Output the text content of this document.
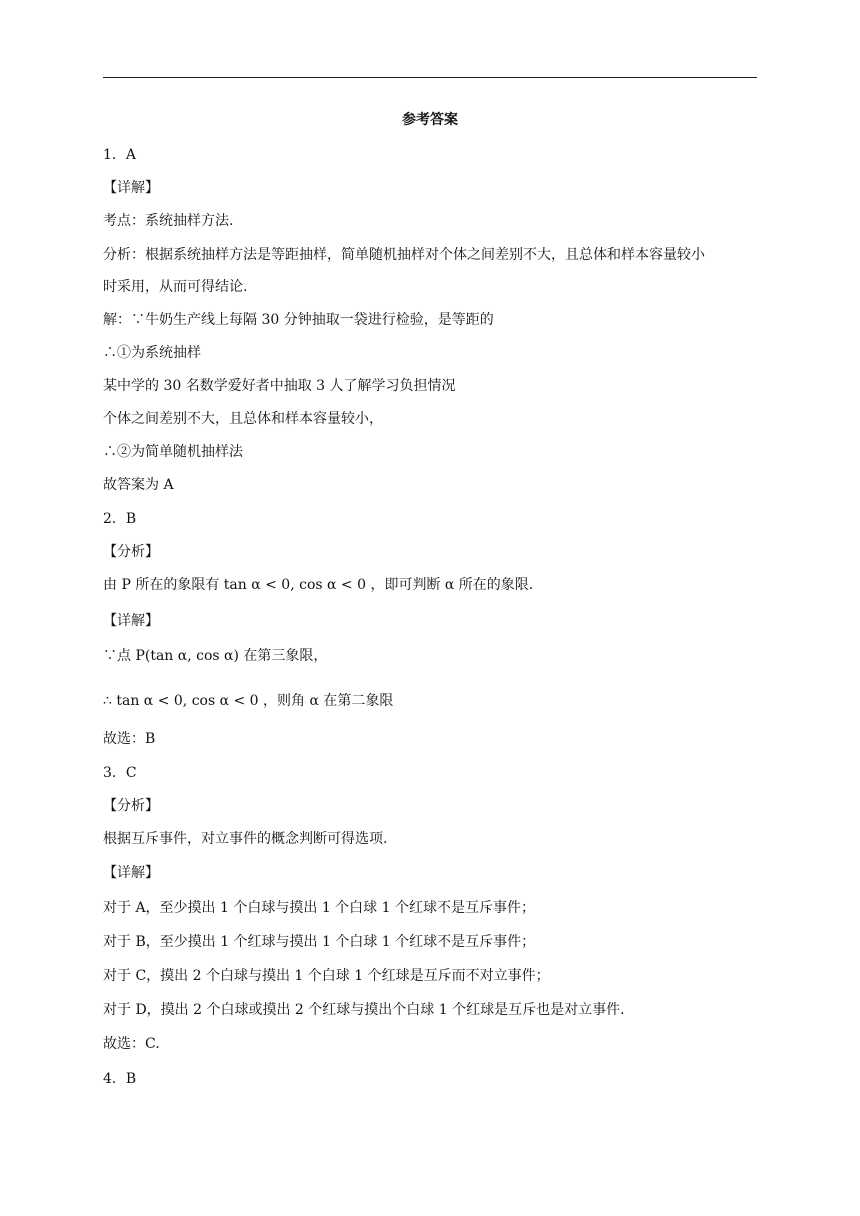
参考答案
1．A
【详解】
考点：系统抽样方法.
分析：根据系统抽样方法是等距抽样，简单随机抽样对个体之间差别不大，且总体和样本容量较小
时采用，从而可得结论.
解：∵牛奶生产线上每隔 30 分钟抽取一袋进行检验，是等距的
∴①为系统抽样
某中学的 30 名数学爱好者中抽取 3 人了解学习负担情况
个体之间差别不大，且总体和样本容量较小，
∴②为简单随机抽样法
故答案为 A
2．B
【分析】
由 P 所在的象限有 tan α < 0, cos α < 0 ，即可判断 α 所在的象限.
【详解】
∵点 P(tan α, cos α) 在第三象限，
∴ tan α < 0, cos α < 0 ，则角 α 在第二象限
故选：B
3．C
【分析】
根据互斥事件，对立事件的概念判断可得选项.
【详解】
对于 A，至少摸出 1 个白球与摸出 1 个白球 1 个红球不是互斥事件；
对于 B，至少摸出 1 个红球与摸出 1 个白球 1 个红球不是互斥事件；
对于 C，摸出 2 个白球与摸出 1 个白球 1 个红球是互斥而不对立事件；
对于 D，摸出 2 个白球或摸出 2 个红球与摸出个白球 1 个红球是互斥也是对立事件.
故选：C.
4．B
